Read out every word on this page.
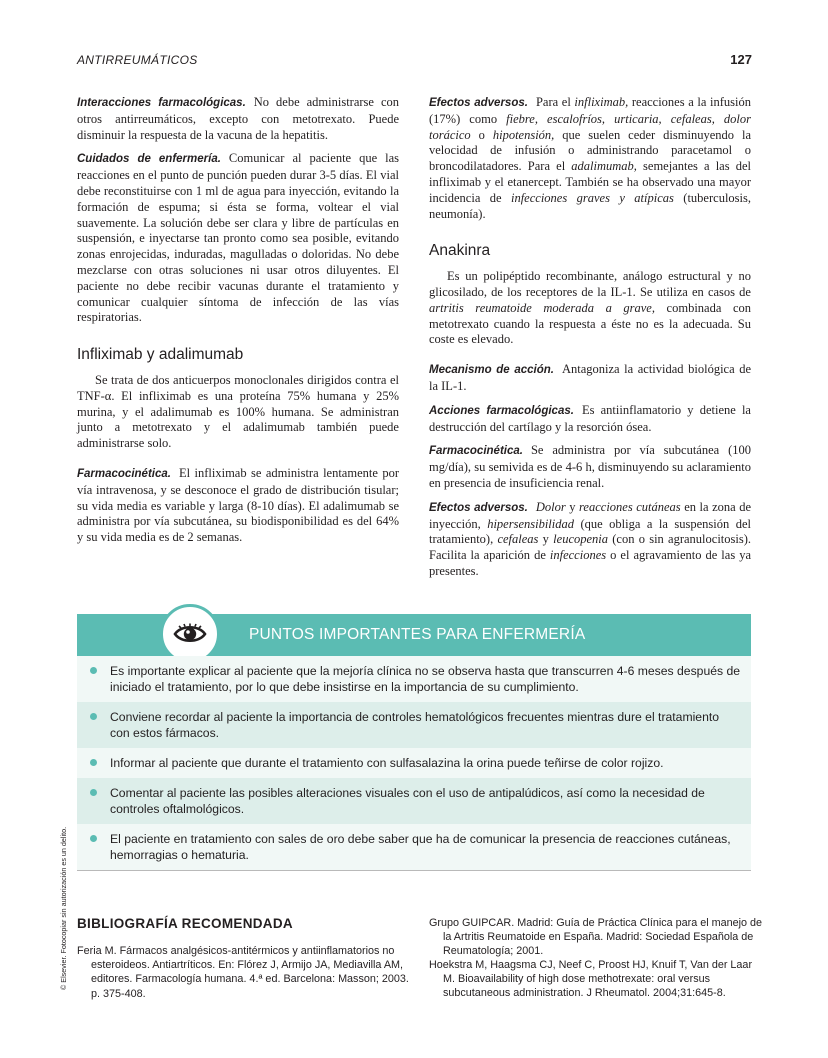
ANTIRREUMÁTICOS	127

Interacciones farmacológicas. No debe administrarse con otros antirreumáticos, excepto con metotrexato. Puede disminuir la respuesta de la vacuna de la hepatitis.

Cuidados de enfermería. Comunicar al paciente que las reacciones en el punto de punción pueden durar 3-5 días. El vial debe reconstituirse con 1 ml de agua para inyección, evitando la formación de espuma; si ésta se forma, voltear el vial suavemente. La solución debe ser clara y libre de partículas en suspensión, e inyectarse tan pronto como sea posible, evitando zonas enrojecidas, induradas, magulladas o doloridas. No debe mezclarse con otras soluciones ni usar otros diluyentes. El paciente no debe recibir vacunas durante el tratamiento y comunicar cualquier síntoma de infección de las vías respiratorias.

Infliximab y adalimumab

Se trata de dos anticuerpos monoclonales dirigidos contra el TNF-α. El infliximab es una proteína 75% humana y 25% murina, y el adalimumab es 100% humana. Se administran junto a metotrexato y el adalimumab también puede administrarse solo.

Farmacocinética. El infliximab se administra lentamente por vía intravenosa, y se desconoce el grado de distribución tisular; su vida media es variable y larga (8-10 días). El adalimumab se administra por vía subcutánea, su biodisponibilidad es del 64% y su vida media es de 2 semanas.

Efectos adversos. Para el infliximab, reacciones a la infusión (17%) como fiebre, escalofríos, urticaria, cefaleas, dolor torácico o hipotensión, que suelen ceder disminuyendo la velocidad de infusión o administrando paracetamol o broncodilatadores. Para el adalimumab, semejantes a las del infliximab y el etanercept. También se ha observado una mayor incidencia de infecciones graves y atípicas (tuberculosis, neumonía).

Anakinra

Es un polipéptido recombinante, análogo estructural y no glicosilado, de los receptores de la IL-1. Se utiliza en casos de artritis reumatoide moderada a grave, combinada con metotrexato cuando la respuesta a éste no es la adecuada. Su coste es elevado.

Mecanismo de acción. Antagoniza la actividad biológica de la IL-1.

Acciones farmacológicas. Es antiinflamatorio y detiene la destrucción del cartílago y la resorción ósea.

Farmacocinética. Se administra por vía subcutánea (100 mg/día), su semivida es de 4-6 h, disminuyendo su aclaramiento en presencia de insuficiencia renal.

Efectos adversos. Dolor y reacciones cutáneas en la zona de inyección, hipersensibilidad (que obliga a la suspensión del tratamiento), cefaleas y leucopenia (con o sin agranulocitosis). Facilita la aparición de infecciones o el agravamiento de las ya presentes.

PUNTOS IMPORTANTES PARA ENFERMERÍA
Es importante explicar al paciente que la mejoría clínica no se observa hasta que transcurren 4-6 meses después de iniciado el tratamiento, por lo que debe insistirse en la importancia de su cumplimiento.
Conviene recordar al paciente la importancia de controles hematológicos frecuentes mientras dure el tratamiento con estos fármacos.
Informar al paciente que durante el tratamiento con sulfasalazina la orina puede teñirse de color rojizo.
Comentar al paciente las posibles alteraciones visuales con el uso de antipalúdicos, así como la necesidad de controles oftalmológicos.
El paciente en tratamiento con sales de oro debe saber que ha de comunicar la presencia de reacciones cutáneas, hemorragias o hematuria.
© Elsevier. Fotocopiar sin autorización es un delito. BIBLIOGRAFÍA RECOMENDADA
Feria M. Fármacos analgésicos-antitérmicos y antiinflamatorios no esteroideos. Antiartríticos. En: Flórez J, Armijo JA, Mediavilla AM, editores. Farmacología humana. 4.ª ed. Barcelona: Masson; 2003. p. 375-408.
Grupo GUIPCAR. Madrid: Guía de Práctica Clínica para el manejo de la Artritis Reumatoide en España. Madrid: Sociedad Española de Reumatología; 2001.
Hoekstra M, Haagsma CJ, Neef C, Proost HJ, Knuif T, Van der Laar M. Bioavailability of high dose methotrexate: oral versus subcutaneous administration. J Rheumatol. 2004;31:645-8.
